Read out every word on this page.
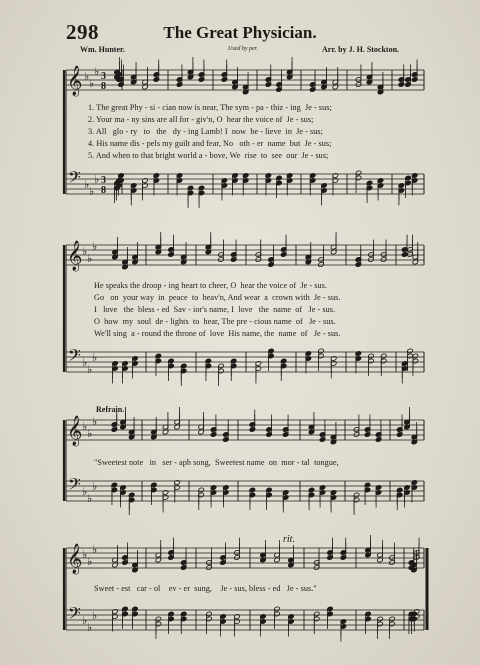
298	The Great Physician.
Wm. Hunter.	Used by per.	Arr. by J. H. Stockton.
𝄞
𝄢
♭
♭
♭
♭
♭
♭
3
3
8
8
𝄞
𝄢
♭
♭
♭
♭
♭
♭
𝄞
𝄢
♭
♭
♭
♭
♭
♭
𝄞
𝄢
♭
♭
♭
♭
♭
♭
1. The great Phy - si - cian now is near, The sym - pa - thiz - ing  Je - sus;
2. Your ma - ny sins are all for - giv'n, O  hear the voice of  Je - sus;
3. All   glo - ry   to   the   dy - ing Lamb! I  now  be - lieve  in  Je - sus;
4. His name dis - pels my guilt and fear, No   oth - er  name  but  Je - sus;
5. And when to that bright world a - bove, We  rise  to  see  our  Je - sus;
He speaks the droop - ing heart to cheer, O  hear the voice of  Je - sus.
Go   on  your way  in  peace  to  heav'n, And wear  a  crown with  Je - sus.
I   love   the  bless - ed  Sav - ior's name, I  love   the  name  of   Je - sus.
O  how  my  soul  de - lights  to  hear, The pre - cious name  of   Je - sus.
We'll sing  a - round the throne of  love  His name, the  name  of   Je - sus.
Refrain.
"Sweetest note   in   ser - aph song,  Sweetest name  on  mor - tal  tongue,
rit.
Sweet - est   car - ol    ev - er  sung,    Je - sus, bless - ed   Je - sus."
